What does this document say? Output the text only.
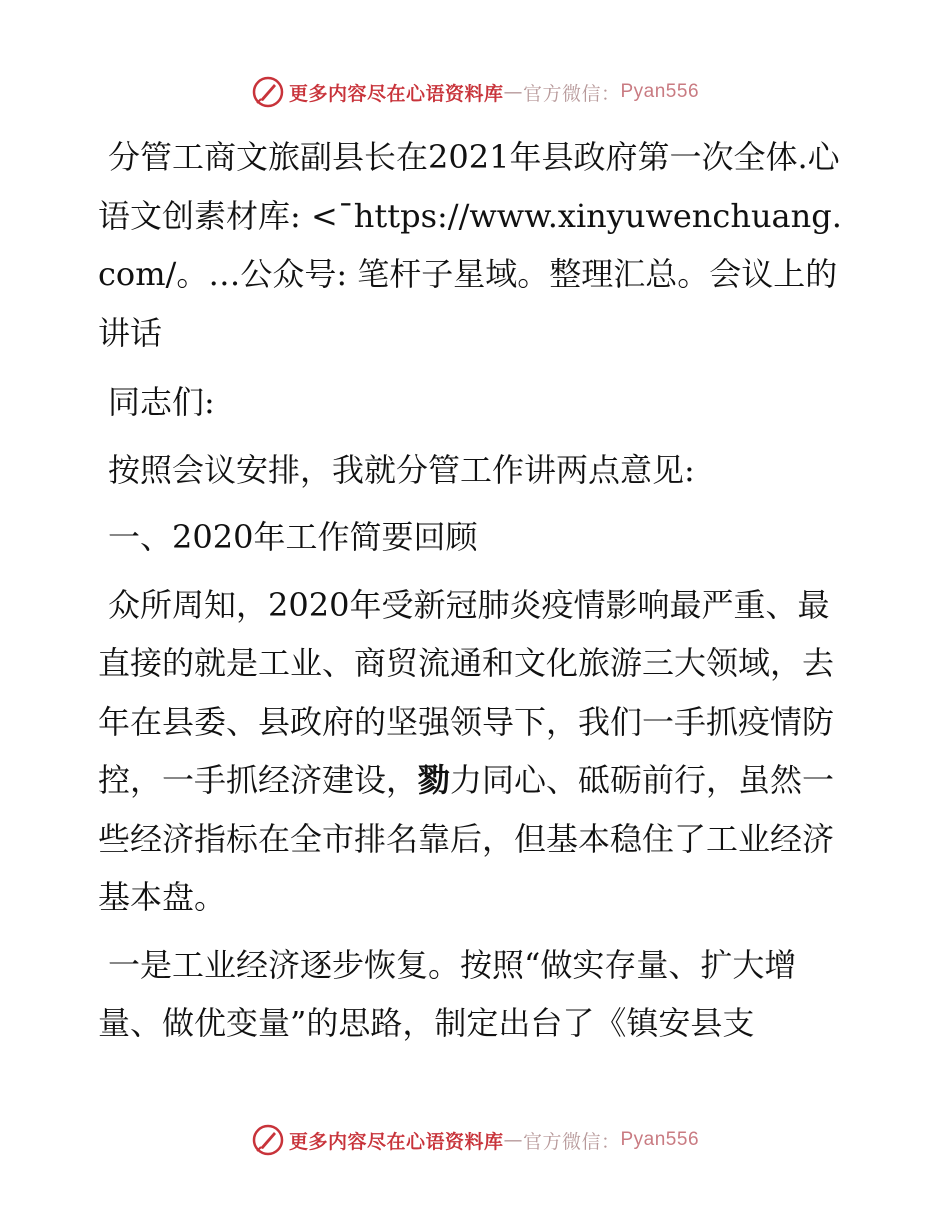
更多内容尽在心语资料库 — 官方微信： Pyan556

分管工商文旅副县长在2021年县政府第一次全体.心语文创素材库: <¯https://www.xinyuwenchuang.com/。…公众号: 笔杆子星域。整理汇总。会议上的讲话

同志们:

按照会议安排，我就分管工作讲两点意见:

一、2020年工作简要回顾

众所周知，2020年受新冠肺炎疫情影响最严重、最直接的就是工业、商贸流通和文化旅游三大领域，去年在县委、县政府的坚强领导下，我们一手抓疫情防控，一手抓经济建设，勠力同心、砥砺前行，虽然一些经济指标在全市排名靠后，但基本稳住了工业经济基本盘。

一是工业经济逐步恢复。按照“做实存量、扩大增量、做优变量”的思路，制定出台了《镇安县支

更多内容尽在心语资料库 — 官方微信： Pyan556
